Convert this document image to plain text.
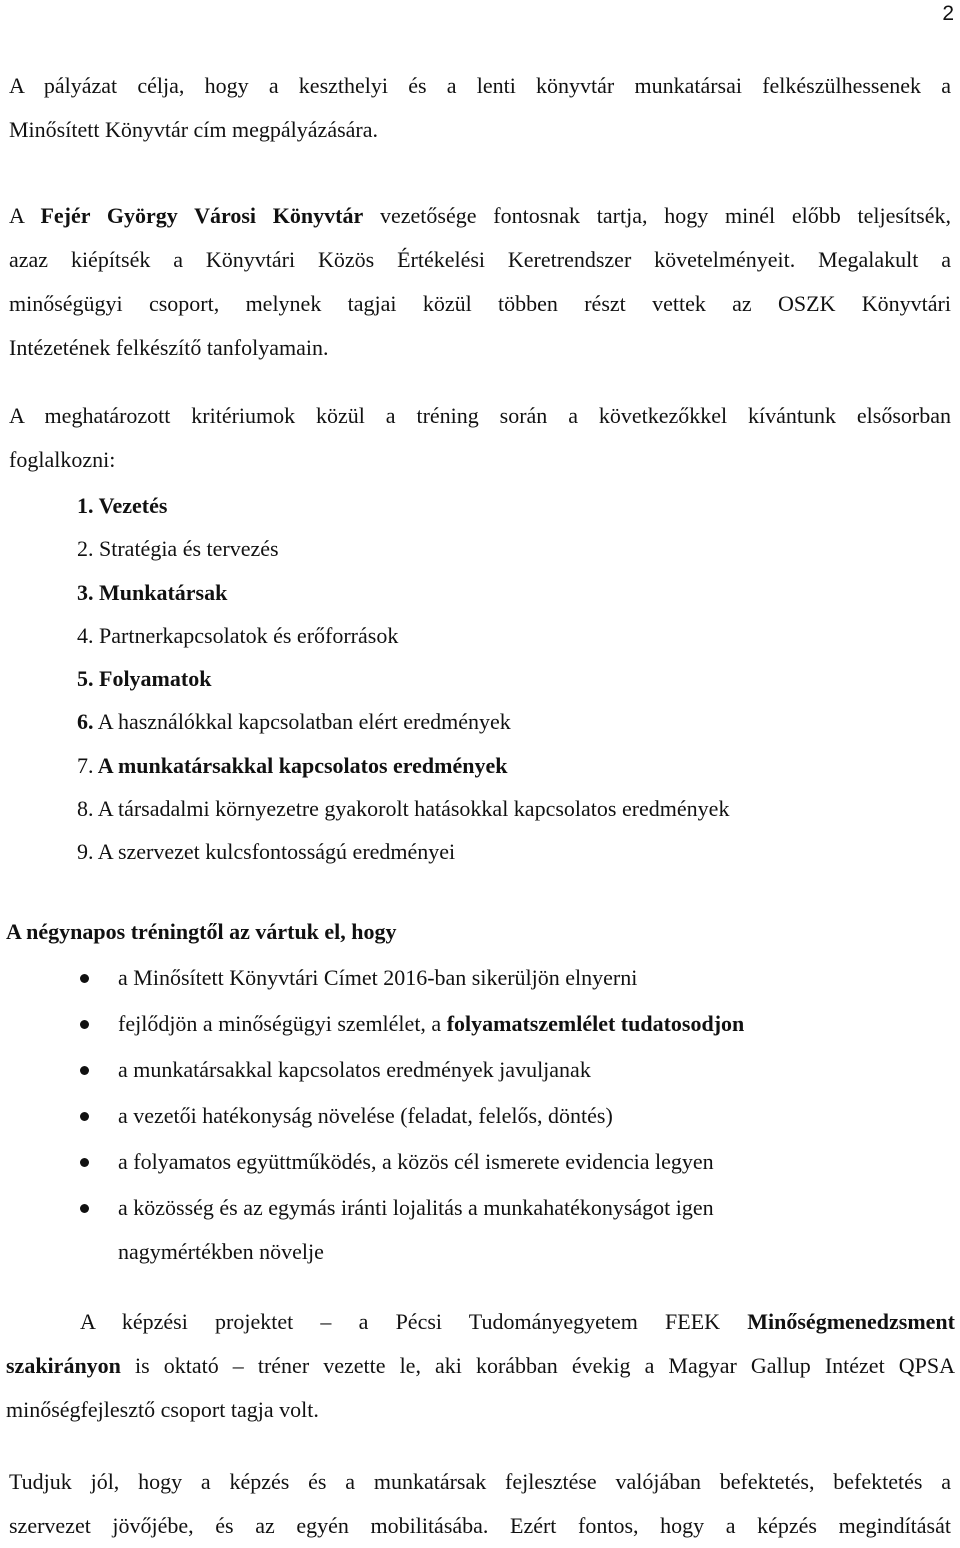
2

A pályázat célja, hogy a keszthelyi és a lenti könyvtár munkatársai felkészülhessenek a
Minősített Könyvtár cím megpályázására.

A Fejér György Városi Könyvtár vezetősége fontosnak tartja, hogy minél előbb teljesítsék,
azaz kiépítsék a Könyvtári Közös Értékelési Keretrendszer követelményeit. Megalakult a
minőségügyi csoport, melynek tagjai közül többen részt vettek az OSZK Könyvtári
Intézetének felkészítő tanfolyamain.

A meghatározott kritériumok közül a tréning során a következőkkel kívántunk elsősorban
foglalkozni:

1. Vezetés
2. Stratégia és tervezés
3. Munkatársak
4. Partnerkapcsolatok és erőforrások
5. Folyamatok
6. A használókkal kapcsolatban elért eredmények
7. A munkatársakkal kapcsolatos eredmények
8. A társadalmi környezetre gyakorolt hatásokkal kapcsolatos eredmények
9. A szervezet kulcsfontosságú eredményei

A négynapos tréningtől az vártuk el, hogy

a Minősített Könyvtári Címet 2016-ban sikerüljön elnyerni
fejlődjön a minőségügyi szemlélet, a folyamatszemlélet tudatosodjon
a munkatársakkal kapcsolatos eredmények javuljanak
a vezetői hatékonyság növelése (feladat, felelős, döntés)
a folyamatos együttműködés, a közös cél ismerete evidencia legyen
a közösség és az egymás iránti lojalitás a munkahatékonyságot igen
nagymértékben növelje

A képzési projektet – a Pécsi Tudományegyetem FEEK Minőségmenedzsment

szakirányon is oktató – tréner vezette le, aki korábban évekig a Magyar Gallup Intézet QPSA
minőségfejlesztő csoport tagja volt.

Tudjuk jól, hogy a képzés és a munkatársak fejlesztése valójában befektetés, befektetés a
szervezet jövőjébe, és az egyén mobilitásába. Ezért fontos, hogy a képzés megindítását
